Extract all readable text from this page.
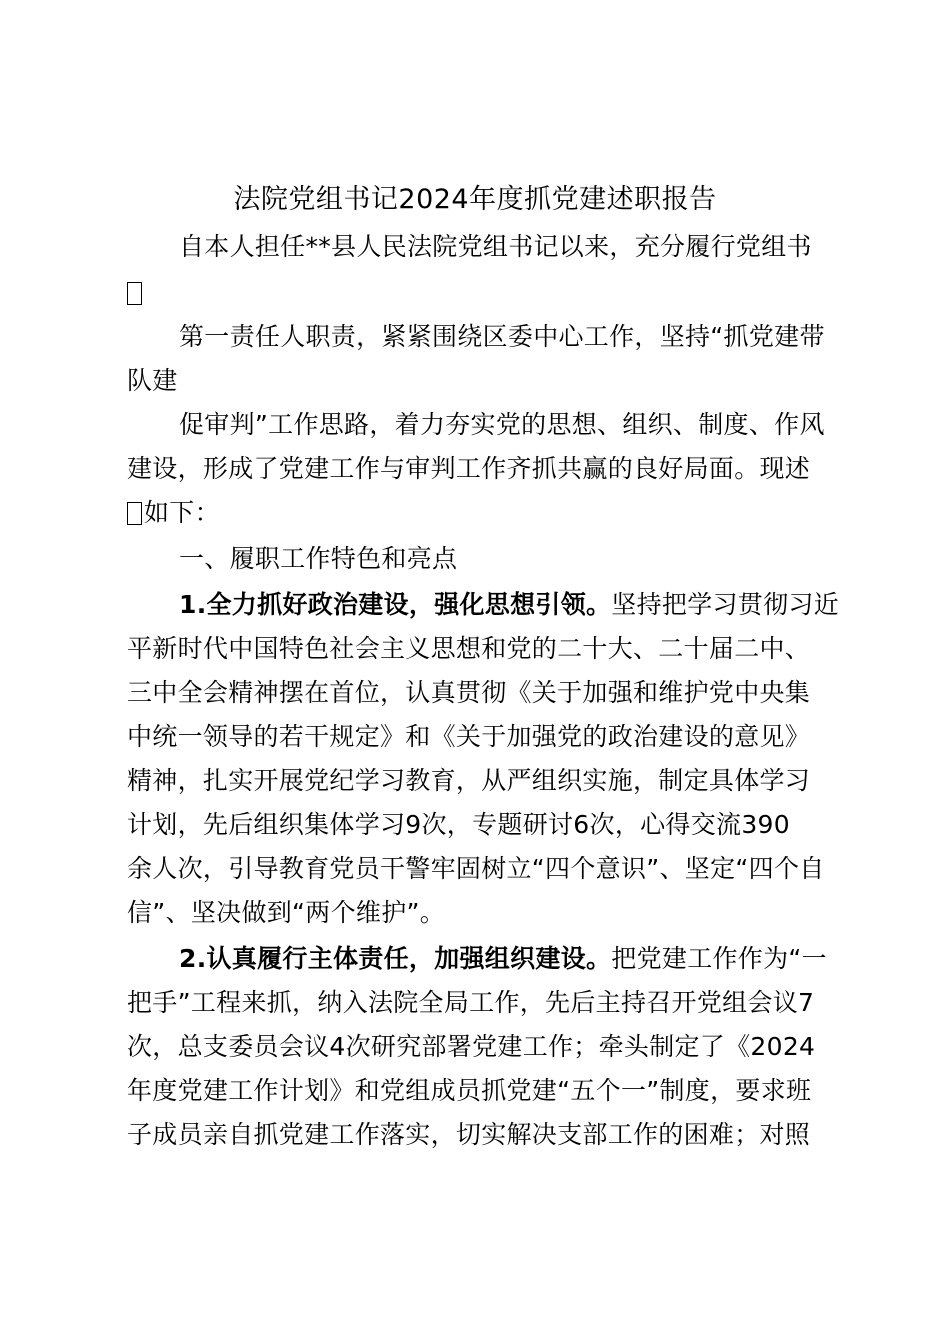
法院党组书记2024年度抓党建述职报告
自本人担任**县人民法院党组书记以来，充分履行党组书
第一责任人职责，紧紧围绕区委中心工作，坚持“抓党建带
队建
促审判”工作思路，着力夯实党的思想、组织、制度、作风
建设，形成了党建工作与审判工作齐抓共赢的良好局面。现述
如下：
一、履职工作特色和亮点
1.全力抓好政治建设，强化思想引领。坚持把学习贯彻习近
平新时代中国特色社会主义思想和党的二十大、二十届二中、
三中全会精神摆在首位，认真贯彻《关于加强和维护党中央集
中统一领导的若干规定》和《关于加强党的政治建设的意见》
精神，扎实开展党纪学习教育，从严组织实施，制定具体学习
计划，先后组织集体学习9次，专题研讨6次，心得交流390
余人次，引导教育党员干警牢固树立“四个意识”、坚定“四个自
信”、坚决做到“两个维护”。
2.认真履行主体责任，加强组织建设。把党建工作作为“一
把手”工程来抓，纳入法院全局工作，先后主持召开党组会议7
次，总支委员会议4次研究部署党建工作；牵头制定了《2024
年度党建工作计划》和党组成员抓党建“五个一”制度，要求班
子成员亲自抓党建工作落实，切实解决支部工作的困难；对照
